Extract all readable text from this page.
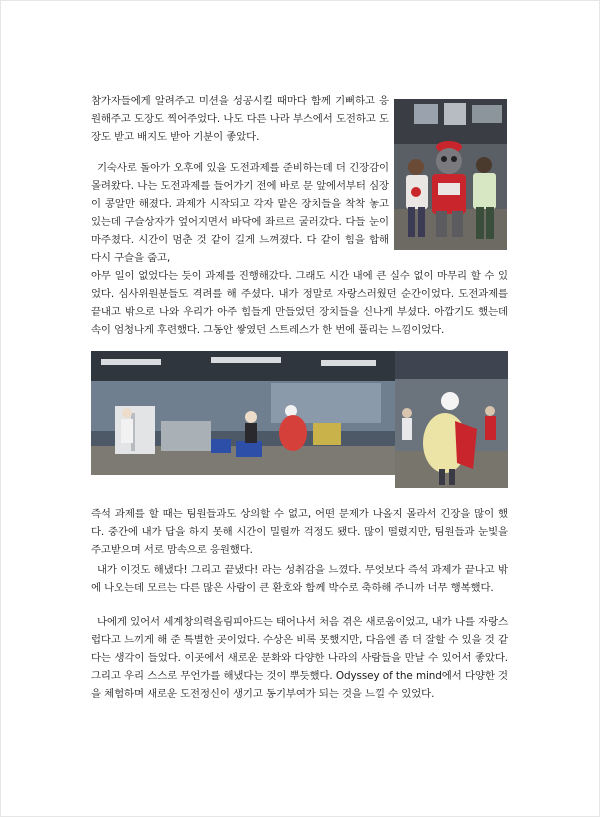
참가자들에게 알려주고 미션을 성공시킬 때마다 함께 기뻐하고 응원해주고 도장도 찍어주었다. 나도 다른 나라 부스에서 도전하고 도장도 받고 배지도 받아 기분이 좋았다.

기숙사로 돌아가 오후에 있을 도전과제를 준비하는데 더 긴장감이 몰려왔다. 나는 도전과제를 들어가기 전에 바로 문 앞에서부터 심장이 콩알만 해졌다. 과제가 시작되고 각자 맡은 장치들을 착착 놓고 있는데 구슬상자가 엎어지면서 바닥에 좌르르 굴러갔다. 다들 눈이 마주쳤다. 시간이 멈춘 것 같이 길게 느껴졌다. 다 같이 힘을 합해 다시 구슬을 줍고,

아무 일이 없었다는 듯이 과제를 진행해갔다. 그래도 시간 내에 큰 실수 없이 마무리 할 수 있었다. 심사위원분들도 격려를 해 주셨다. 내가 정말로 자랑스러웠던 순간이었다. 도전과제를 끝내고 밖으로 나와 우리가 아주 힘들게 만들었던 장치들을 신나게 부셨다. 아깝기도 했는데 속이 엄청나게 후련했다. 그동안 쌓였던 스트레스가 한 번에 풀리는 느낌이었다.

즉석 과제를 할 때는 팀원들과도 상의할 수 없고, 어떤 문제가 나올지 몰라서 긴장을 많이 했다. 중간에 내가 답을 하지 못해 시간이 밀릴까 걱정도 됐다. 많이 떨렸지만, 팀원들과 눈빛을 주고받으며 서로 맘속으로 응원했다.

내가 이것도 해냈다! 그리고 끝냈다! 라는 성취감을 느꼈다. 무엇보다 즉석 과제가 끝나고 밖에 나오는데 모르는 다른 많은 사람이 큰 환호와 함께 박수로 축하해 주니까 너무 행복했다.

나에게 있어서 세계창의력올림피아드는 태어나서 처음 겪은 새로움이었고, 내가 나를 자랑스럽다고 느끼게 해 준 특별한 곳이었다. 수상은 비록 못했지만, 다음엔 좀 더 잘할 수 있을 것 같다는 생각이 들었다. 이곳에서 새로운 문화와 다양한 나라의 사람들을 만날 수 있어서 좋았다. 그리고 우리 스스로 무언가를 해냈다는 것이 뿌듯했다. Odyssey of the mind에서 다양한 것을 체험하며 새로운 도전정신이 생기고 동기부여가 되는 것을 느낄 수 있었다.
